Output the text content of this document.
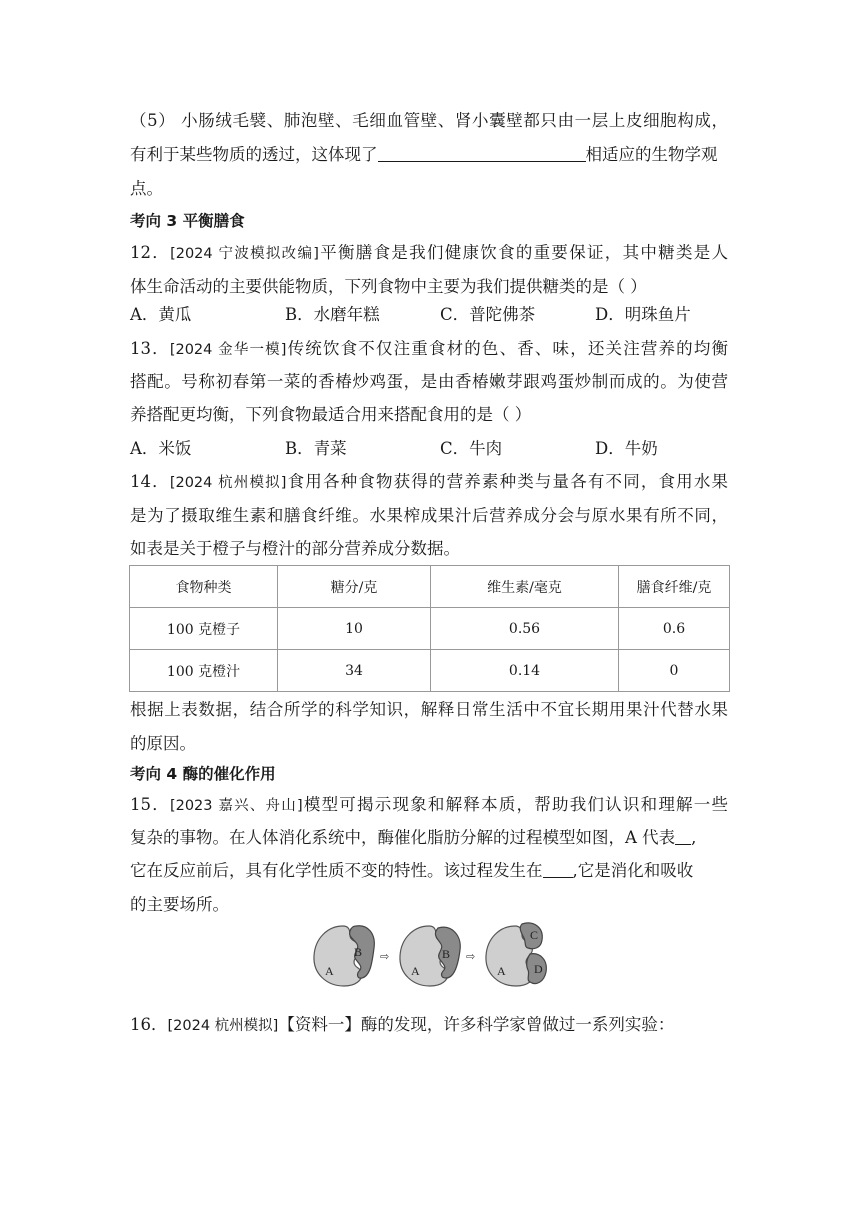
（5） 小肠绒毛襞、肺泡壁、毛细血管壁、肾小囊壁都只由一层上皮细胞构成，
有利于某些物质的透过，这体现了	相适应的生物学观
点。
考向 3 平衡膳食
12．[2024 宁波模拟改编]平衡膳食是我们健康饮食的重要保证，其中糖类是人
体生命活动的主要供能物质，下列食物中主要为我们提供糖类的是（ ）
A．黄瓜	B．水磨年糕	C．普陀佛茶	D．明珠鱼片
13．[2024 金华一模]传统饮食不仅注重食材的色、香、味，还关注营养的均衡
搭配。号称初春第一菜的香椿炒鸡蛋，是由香椿嫩芽跟鸡蛋炒制而成的。为使营
养搭配更均衡，下列食物最适合用来搭配食用的是（ ）
A．米饭	B．青菜	C．牛肉	D．牛奶
14．[2024 杭州模拟]食用各种食物获得的营养素种类与量各有不同，食用水果
是为了摄取维生素和膳食纤维。水果榨成果汁后营养成分会与原水果有所不同，
如表是关于橙子与橙汁的部分营养成分数据。
食物种类	糖分/克	维生素/毫克	膳食纤维/克
100 克橙子	10	0.56	0.6
100 克橙汁	34	0.14	0
根据上表数据，结合所学的科学知识，解释日常生活中不宜长期用果汁代替水果
的原因。
考向 4 酶的催化作用
15．[2023 嘉兴、舟山]模型可揭示现象和解释本质，帮助我们认识和理解一些
复杂的事物。在人体消化系统中，酶催化脂肪分解的过程模型如图，A 代表 ,
它在反应前后，具有化学性质不变的特性。该过程发生在 ,它是消化和吸收
的主要场所。
A
B ⇨
A
B ⇨
A
C
D
16．[2024 杭州模拟]【资料一】酶的发现，许多科学家曾做过一系列实验：
